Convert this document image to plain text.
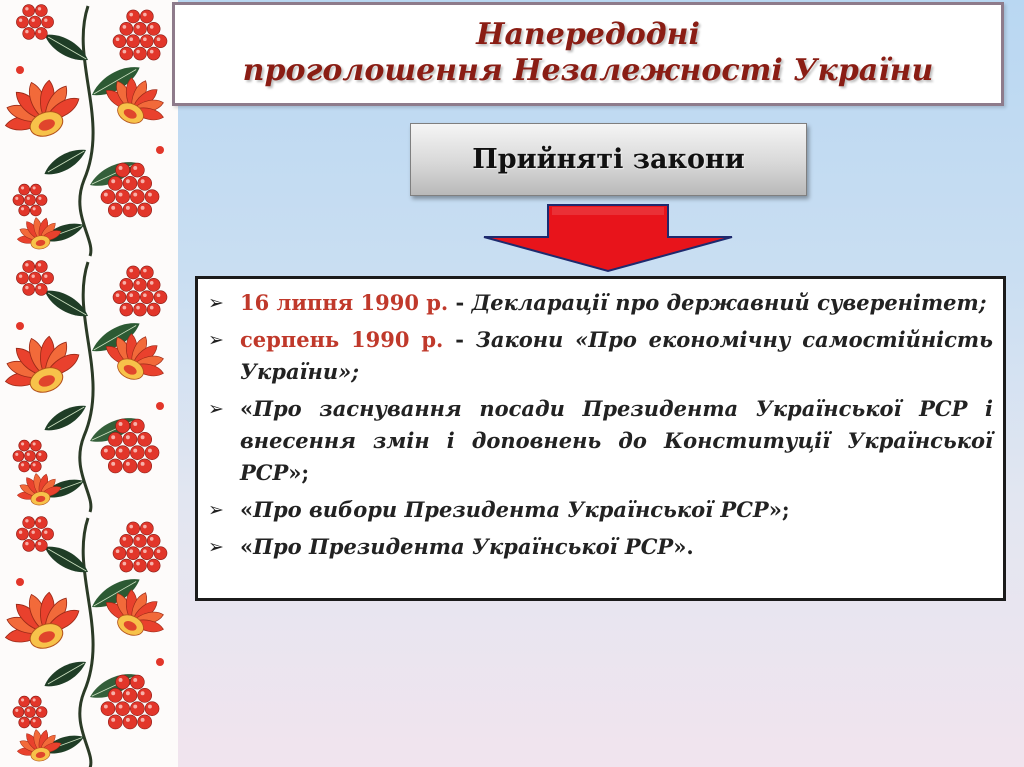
Напередодні
проголошення Незалежності України
Прийняті закони
➢ 16 липня 1990 р. - Декларації про державний суверенітет;
➢ серпень 1990 р. - Закони «Про економічну самостійність України»;
➢ «Про заснування посади Президента Української РСР і внесення змін і доповнень до Конституції Української РСР»;
➢ «Про вибори Президента Української РСР»;
➢ «Про Президента Української РСР».
